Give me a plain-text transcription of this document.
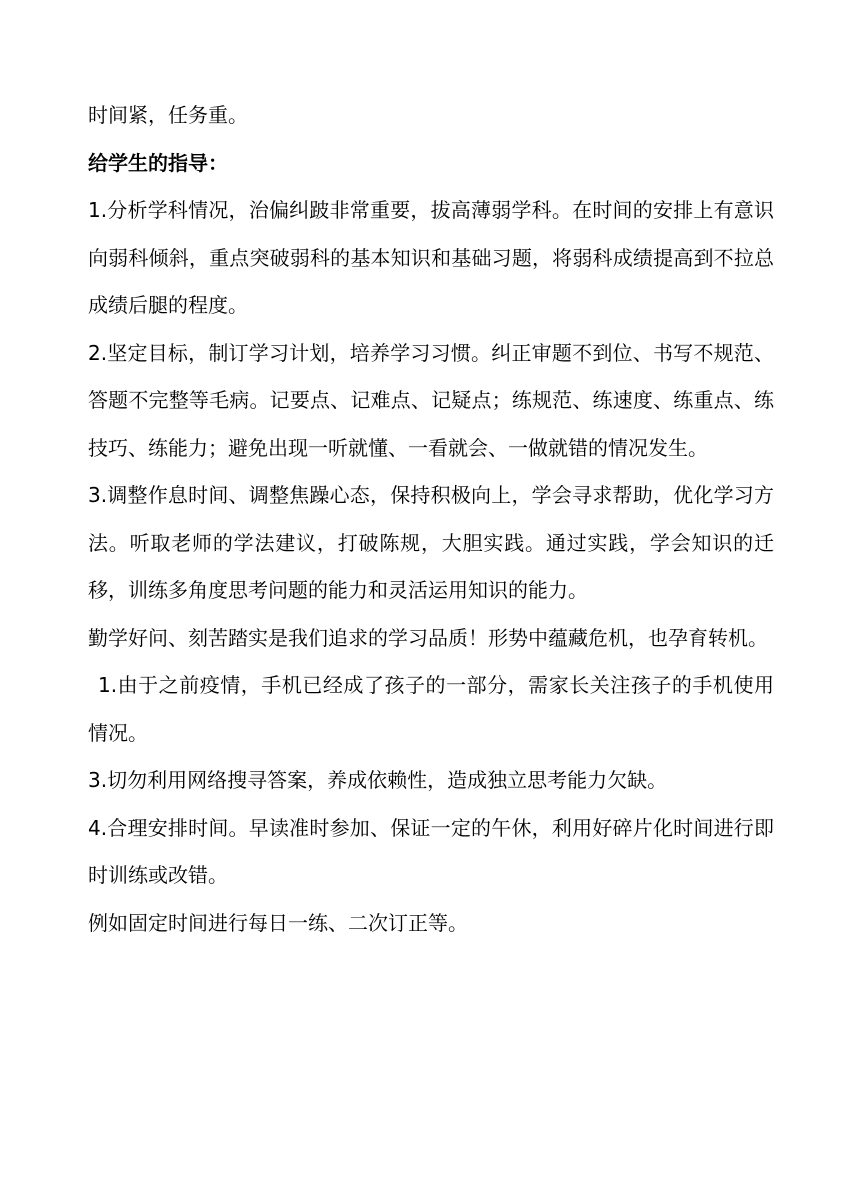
时间紧，任务重。

给学生的指导：

1.分析学科情况，治偏纠跛非常重要，拔高薄弱学科。在时间的安排上有意识向弱科倾斜，重点突破弱科的基本知识和基础习题，将弱科成绩提高到不拉总成绩后腿的程度。

2.坚定目标，制订学习计划，培养学习习惯。纠正审题不到位、书写不规范、答题不完整等毛病。记要点、记难点、记疑点；练规范、练速度、练重点、练技巧、练能力；避免出现一听就懂、一看就会、一做就错的情况发生。

3.调整作息时间、调整焦躁心态，保持积极向上，学会寻求帮助，优化学习方法。听取老师的学法建议，打破陈规，大胆实践。通过实践，学会知识的迁移，训练多角度思考问题的能力和灵活运用知识的能力。

勤学好问、刻苦踏实是我们追求的学习品质！形势中蕴藏危机，也孕育转机。

1.由于之前疫情，手机已经成了孩子的一部分，需家长关注孩子的手机使用情况。

3.切勿利用网络搜寻答案，养成依赖性，造成独立思考能力欠缺。

4.合理安排时间。早读准时参加、保证一定的午休，利用好碎片化时间进行即时训练或改错。

例如固定时间进行每日一练、二次订正等。
